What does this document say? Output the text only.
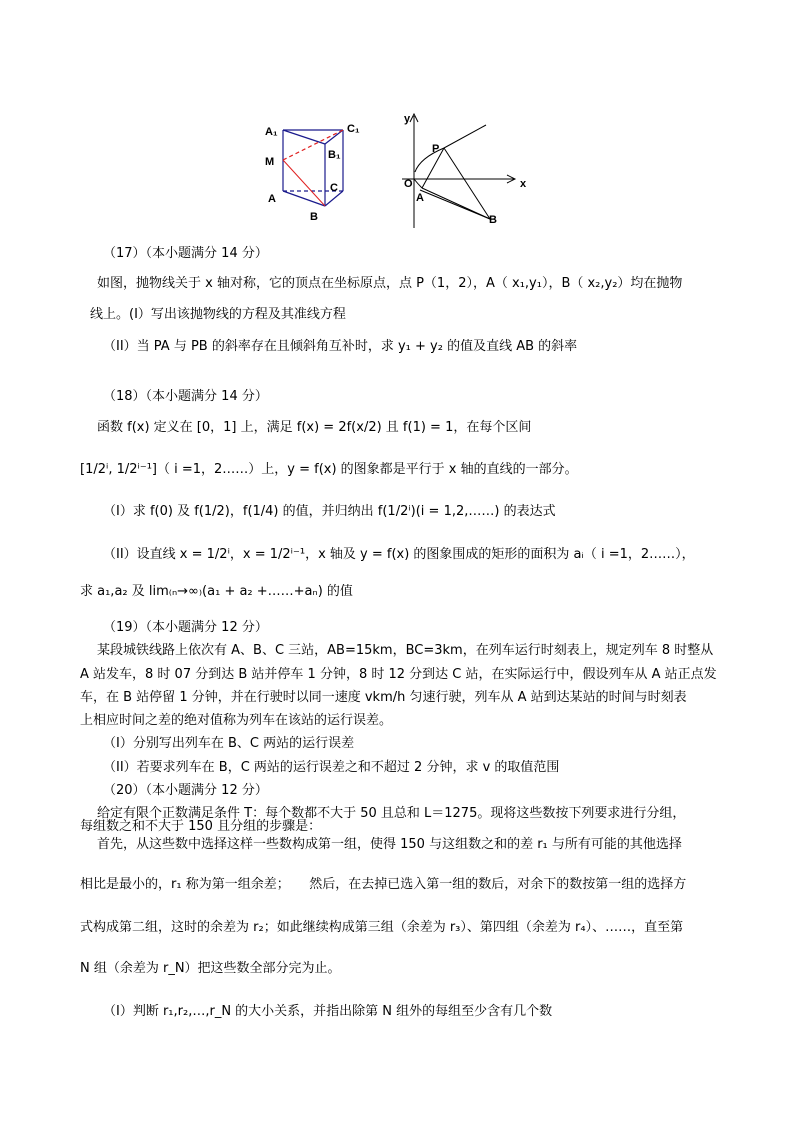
A₁	C₁
B₁
M
C
A
B
y
P
O	x
A
B
（17）（本小题满分 14 分）
如图，抛物线关于 x 轴对称，它的顶点在坐标原点，点 P（1，2），A（ x₁,y₁），B（ x₂,y₂）均在抛物
线上。(I）写出该抛物线的方程及其准线方程
（II）当 PA 与 PB 的斜率存在且倾斜角互补时，求 y₁ + y₂ 的值及直线 AB 的斜率
（18）（本小题满分 14 分）
函数 f(x) 定义在 [0，1] 上，满足 f(x) = 2f(x/2) 且 f(1) = 1，在每个区间
[1/2ⁱ, 1/2ⁱ⁻¹]（ i =1，2……）上，y = f(x) 的图象都是平行于 x 轴的直线的一部分。
（I）求 f(0) 及 f(1/2)，f(1/4) 的值，并归纳出 f(1/2ⁱ)(i = 1,2,……) 的表达式
（II）设直线 x = 1/2ⁱ，x = 1/2ⁱ⁻¹，x 轴及 y = f(x) 的图象围成的矩形的面积为 aᵢ（ i =1，2……），
求 a₁,a₂ 及 lim₍ₙ→∞₎(a₁ + a₂ +……+aₙ) 的值
（19）（本小题满分 12 分）
某段城铁线路上依次有 A、B、C 三站，AB=15km，BC=3km，在列车运行时刻表上，规定列车 8 时整从
A 站发车，8 时 07 分到达 B 站并停车 1 分钟，8 时 12 分到达 C 站，在实际运行中，假设列车从 A 站正点发
车，在 B 站停留 1 分钟，并在行驶时以同一速度 vkm/h 匀速行驶，列车从 A 站到达某站的时间与时刻表
上相应时间之差的绝对值称为列车在该站的运行误差。
（I）分别写出列车在 B、C 两站的运行误差
（II）若要求列车在 B，C 两站的运行误差之和不超过 2 分钟，求 v 的取值范围
（20）（本小题满分 12 分）
给定有限个正数满足条件 T：每个数都不大于 50 且总和 L＝1275。现将这些数按下列要求进行分组，
每组数之和不大于 150 且分组的步骤是：
首先，从这些数中选择这样一些数构成第一组，使得 150 与这组数之和的差 r₁ 与所有可能的其他选择
相比是最小的，r₁ 称为第一组余差；　　然后，在去掉已选入第一组的数后，对余下的数按第一组的选择方
式构成第二组，这时的余差为 r₂；如此继续构成第三组（余差为 r₃）、第四组（余差为 r₄）、……，直至第
N 组（余差为 r_N）把这些数全部分完为止。
（I）判断 r₁,r₂,…,r_N 的大小关系，并指出除第 N 组外的每组至少含有几个数
